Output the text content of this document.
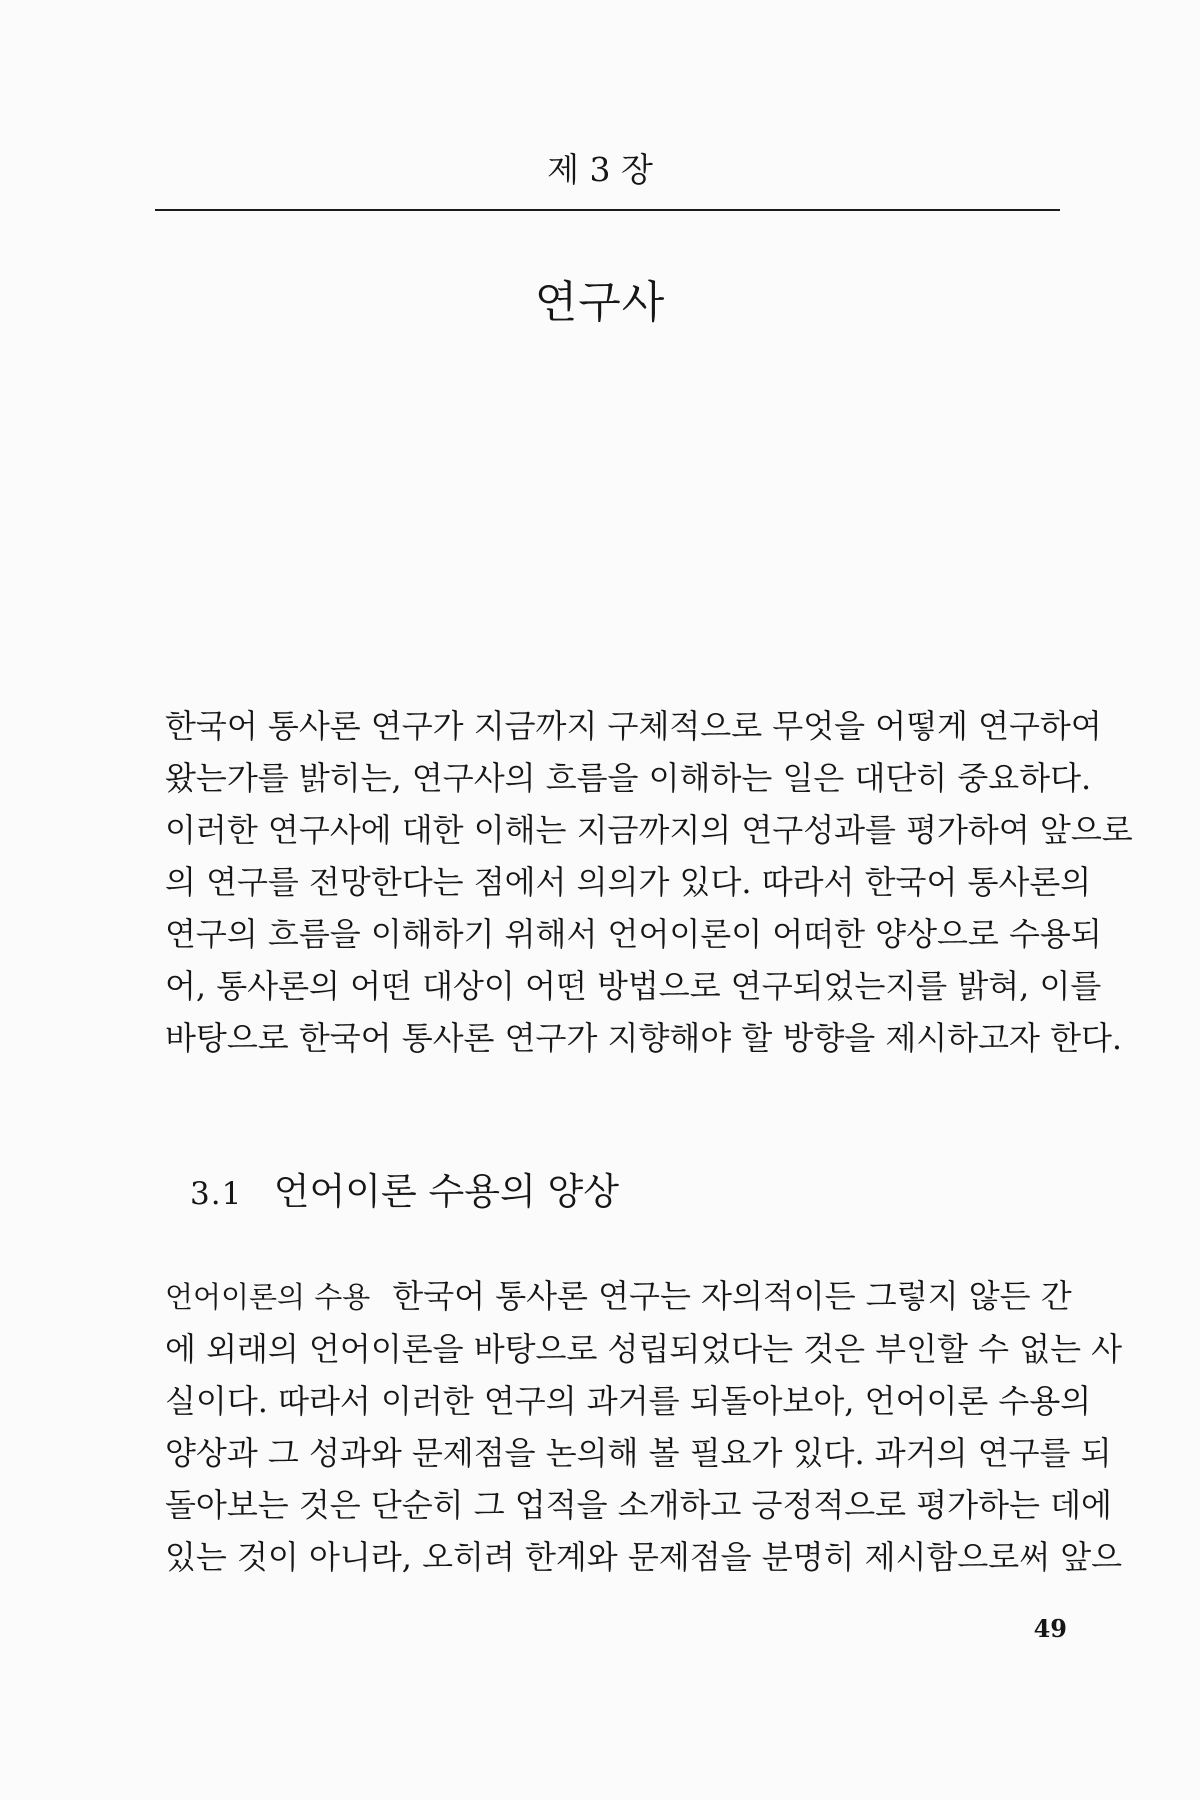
제 3 장
연구사
한국어 통사론 연구가 지금까지 구체적으로 무엇을 어떻게 연구하여
왔는가를 밝히는, 연구사의 흐름을 이해하는 일은 대단히 중요하다.
이러한 연구사에 대한 이해는 지금까지의 연구성과를 평가하여 앞으로
의 연구를 전망한다는 점에서 의의가 있다. 따라서 한국어 통사론의
연구의 흐름을 이해하기 위해서 언어이론이 어떠한 양상으로 수용되
어, 통사론의 어떤 대상이 어떤 방법으로 연구되었는지를 밝혀, 이를
바탕으로 한국어 통사론 연구가 지향해야 할 방향을 제시하고자 한다.
3.1 언어이론 수용의 양상
언어이론의 수용 한국어 통사론 연구는 자의적이든 그렇지 않든 간
에 외래의 언어이론을 바탕으로 성립되었다는 것은 부인할 수 없는 사
실이다. 따라서 이러한 연구의 과거를 되돌아보아, 언어이론 수용의
양상과 그 성과와 문제점을 논의해 볼 필요가 있다. 과거의 연구를 되
돌아보는 것은 단순히 그 업적을 소개하고 긍정적으로 평가하는 데에
있는 것이 아니라, 오히려 한계와 문제점을 분명히 제시함으로써 앞으
49
